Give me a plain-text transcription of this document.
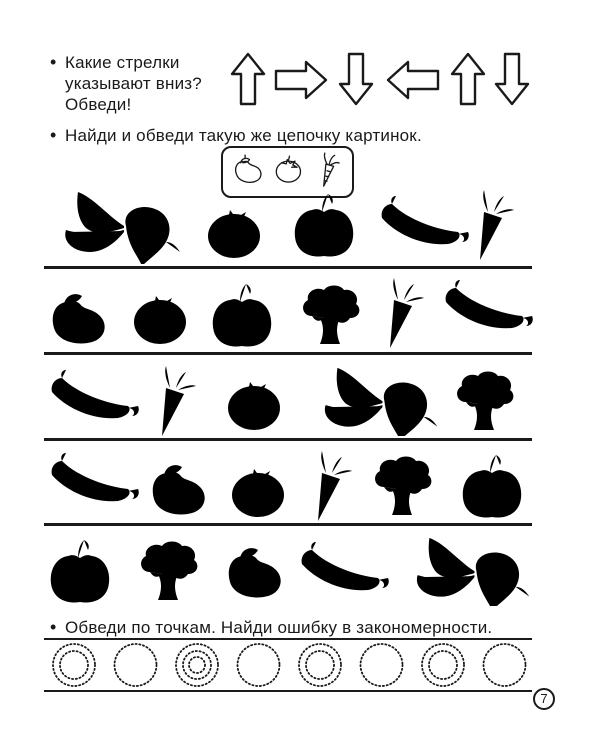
• Какие стрелки
указывают вниз?
Обведи!
• Найди и обведи такую же цепочку картинок.
• Обведи по точкам. Найди ошибку в закономерности.
7
